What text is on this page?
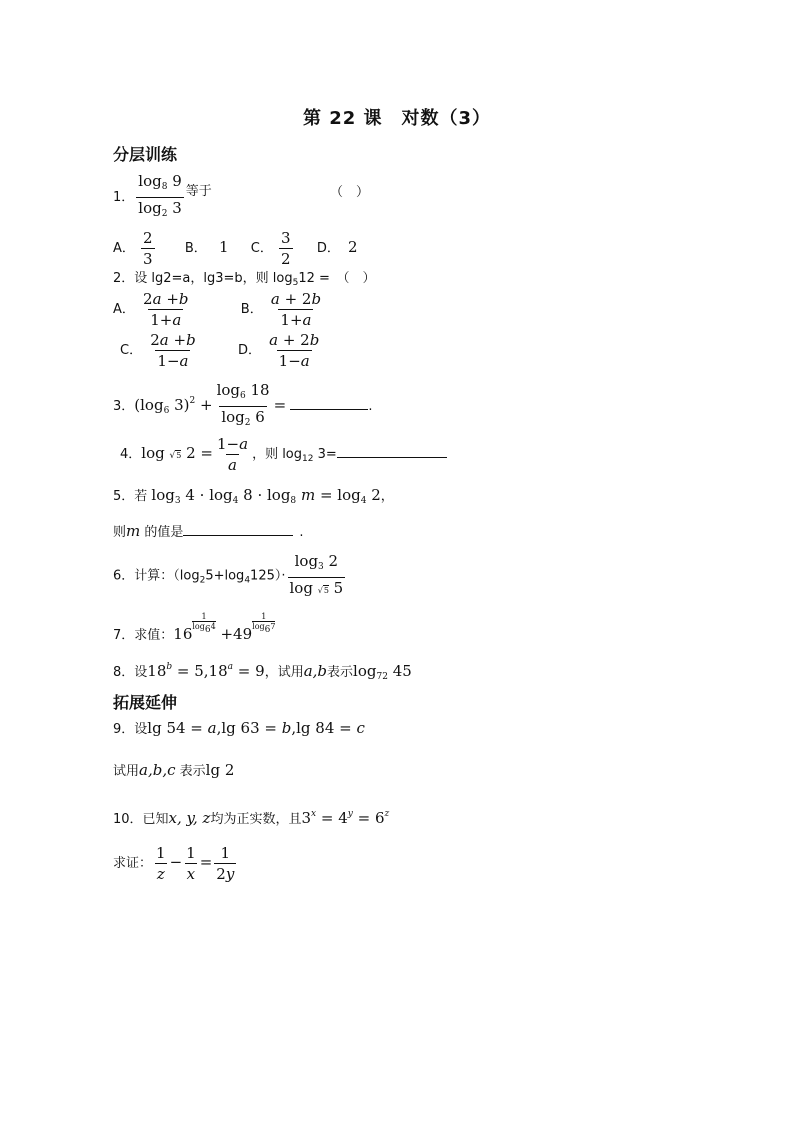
第 22 课　对数（3）
分层训练
1． $\frac{\log_8 9}{\log_2 3}$ 等于	（　）
A． $\frac{2}{3}$ B． 1 C． $\frac{3}{2}$ D． 2
2．设 lg2=a，lg3=b，则 $\log_512$ =　（　）
A． $\frac{2a +b}{1+a}$	B． $\frac{a + 2b}{1+a}$
C． $\frac{2a +b}{1-a}$	D． $\frac{a + 2b}{1-a}$
3．($\log_6$ $3)^2 + \frac{\log_6 18}{\log_2 6}$ =	.
4．log √5 $2 = \frac{1-a}{a}$ ，则 $\log_{12} 3=$
5．若 $\log_3 4 \cdot \log_4 8 \cdot \log_8 m = \log_4 2$，
则m 的值是	.
6．计算：$(\log_25+\log_4125)\cdot \frac{\log_3 2}{\log √5 5}$
7．求值：$16 \frac{1}{\log_64} +49 \frac{1}{\log_67}$
8．设$18^b = 5,18^a = 9$，试用a,b表示$\log_{72} 45$
拓展延伸
9．设lg 54 = a,lg 63 = b,lg 84 = c
试用a,b,c 表示lg 2
10．已知x, y, z均为正实数，且$3^x = 4^y = 6^z$
求证： $\frac{1}{z} - \frac{1}{x} = \frac{1}{2y}$
